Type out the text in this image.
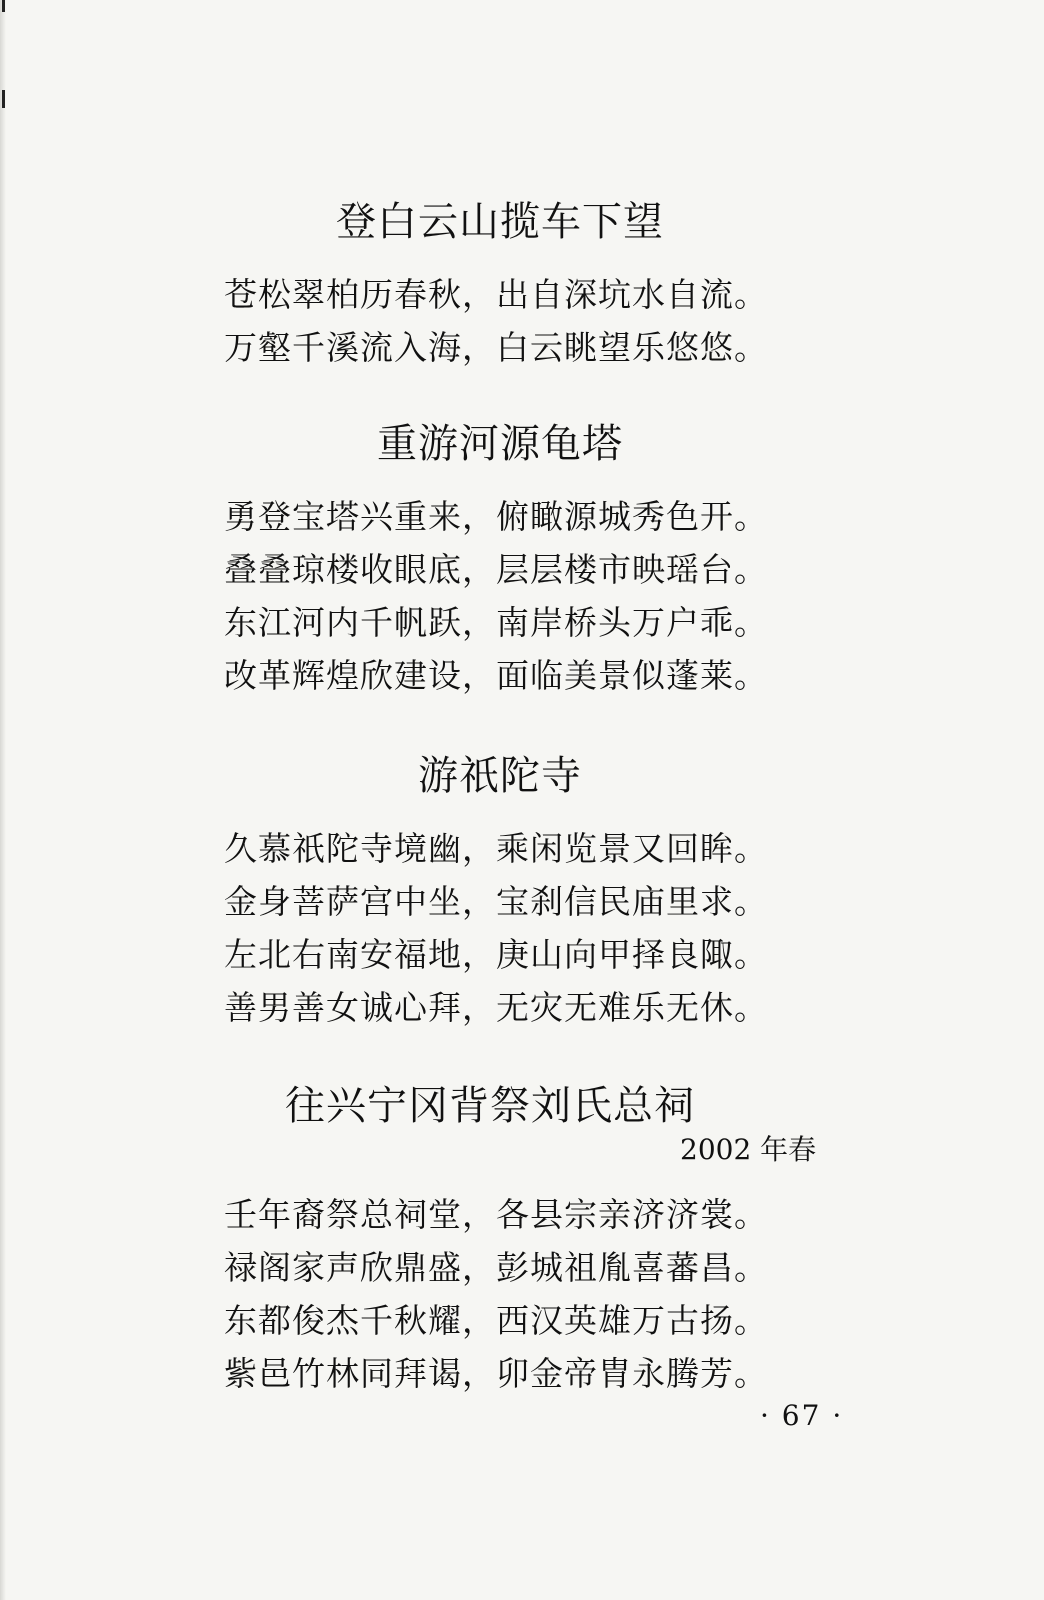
登白云山揽车下望
苍松翠柏历春秋，出自深坑水自流。
万壑千溪流入海，白云眺望乐悠悠。
重游河源龟塔
勇登宝塔兴重来，俯瞰源城秀色开。
叠叠琼楼收眼底，层层楼市映瑶台。
东江河内千帆跃，南岸桥头万户乖。
改革辉煌欣建设，面临美景似蓬莱。
游祇陀寺
久慕祇陀寺境幽，乘闲览景又回眸。
金身菩萨宫中坐，宝刹信民庙里求。
左北右南安福地，庚山向甲择良陬。
善男善女诚心拜，无灾无难乐无休。
往兴宁冈背祭刘氏总祠
2002 年春
壬年裔祭总祠堂，各县宗亲济济裳。
禄阁家声欣鼎盛，彭城祖胤喜蕃昌。
东都俊杰千秋耀，西汉英雄万古扬。
紫邑竹林同拜谒，卯金帝胄永腾芳。
· 67 ·
